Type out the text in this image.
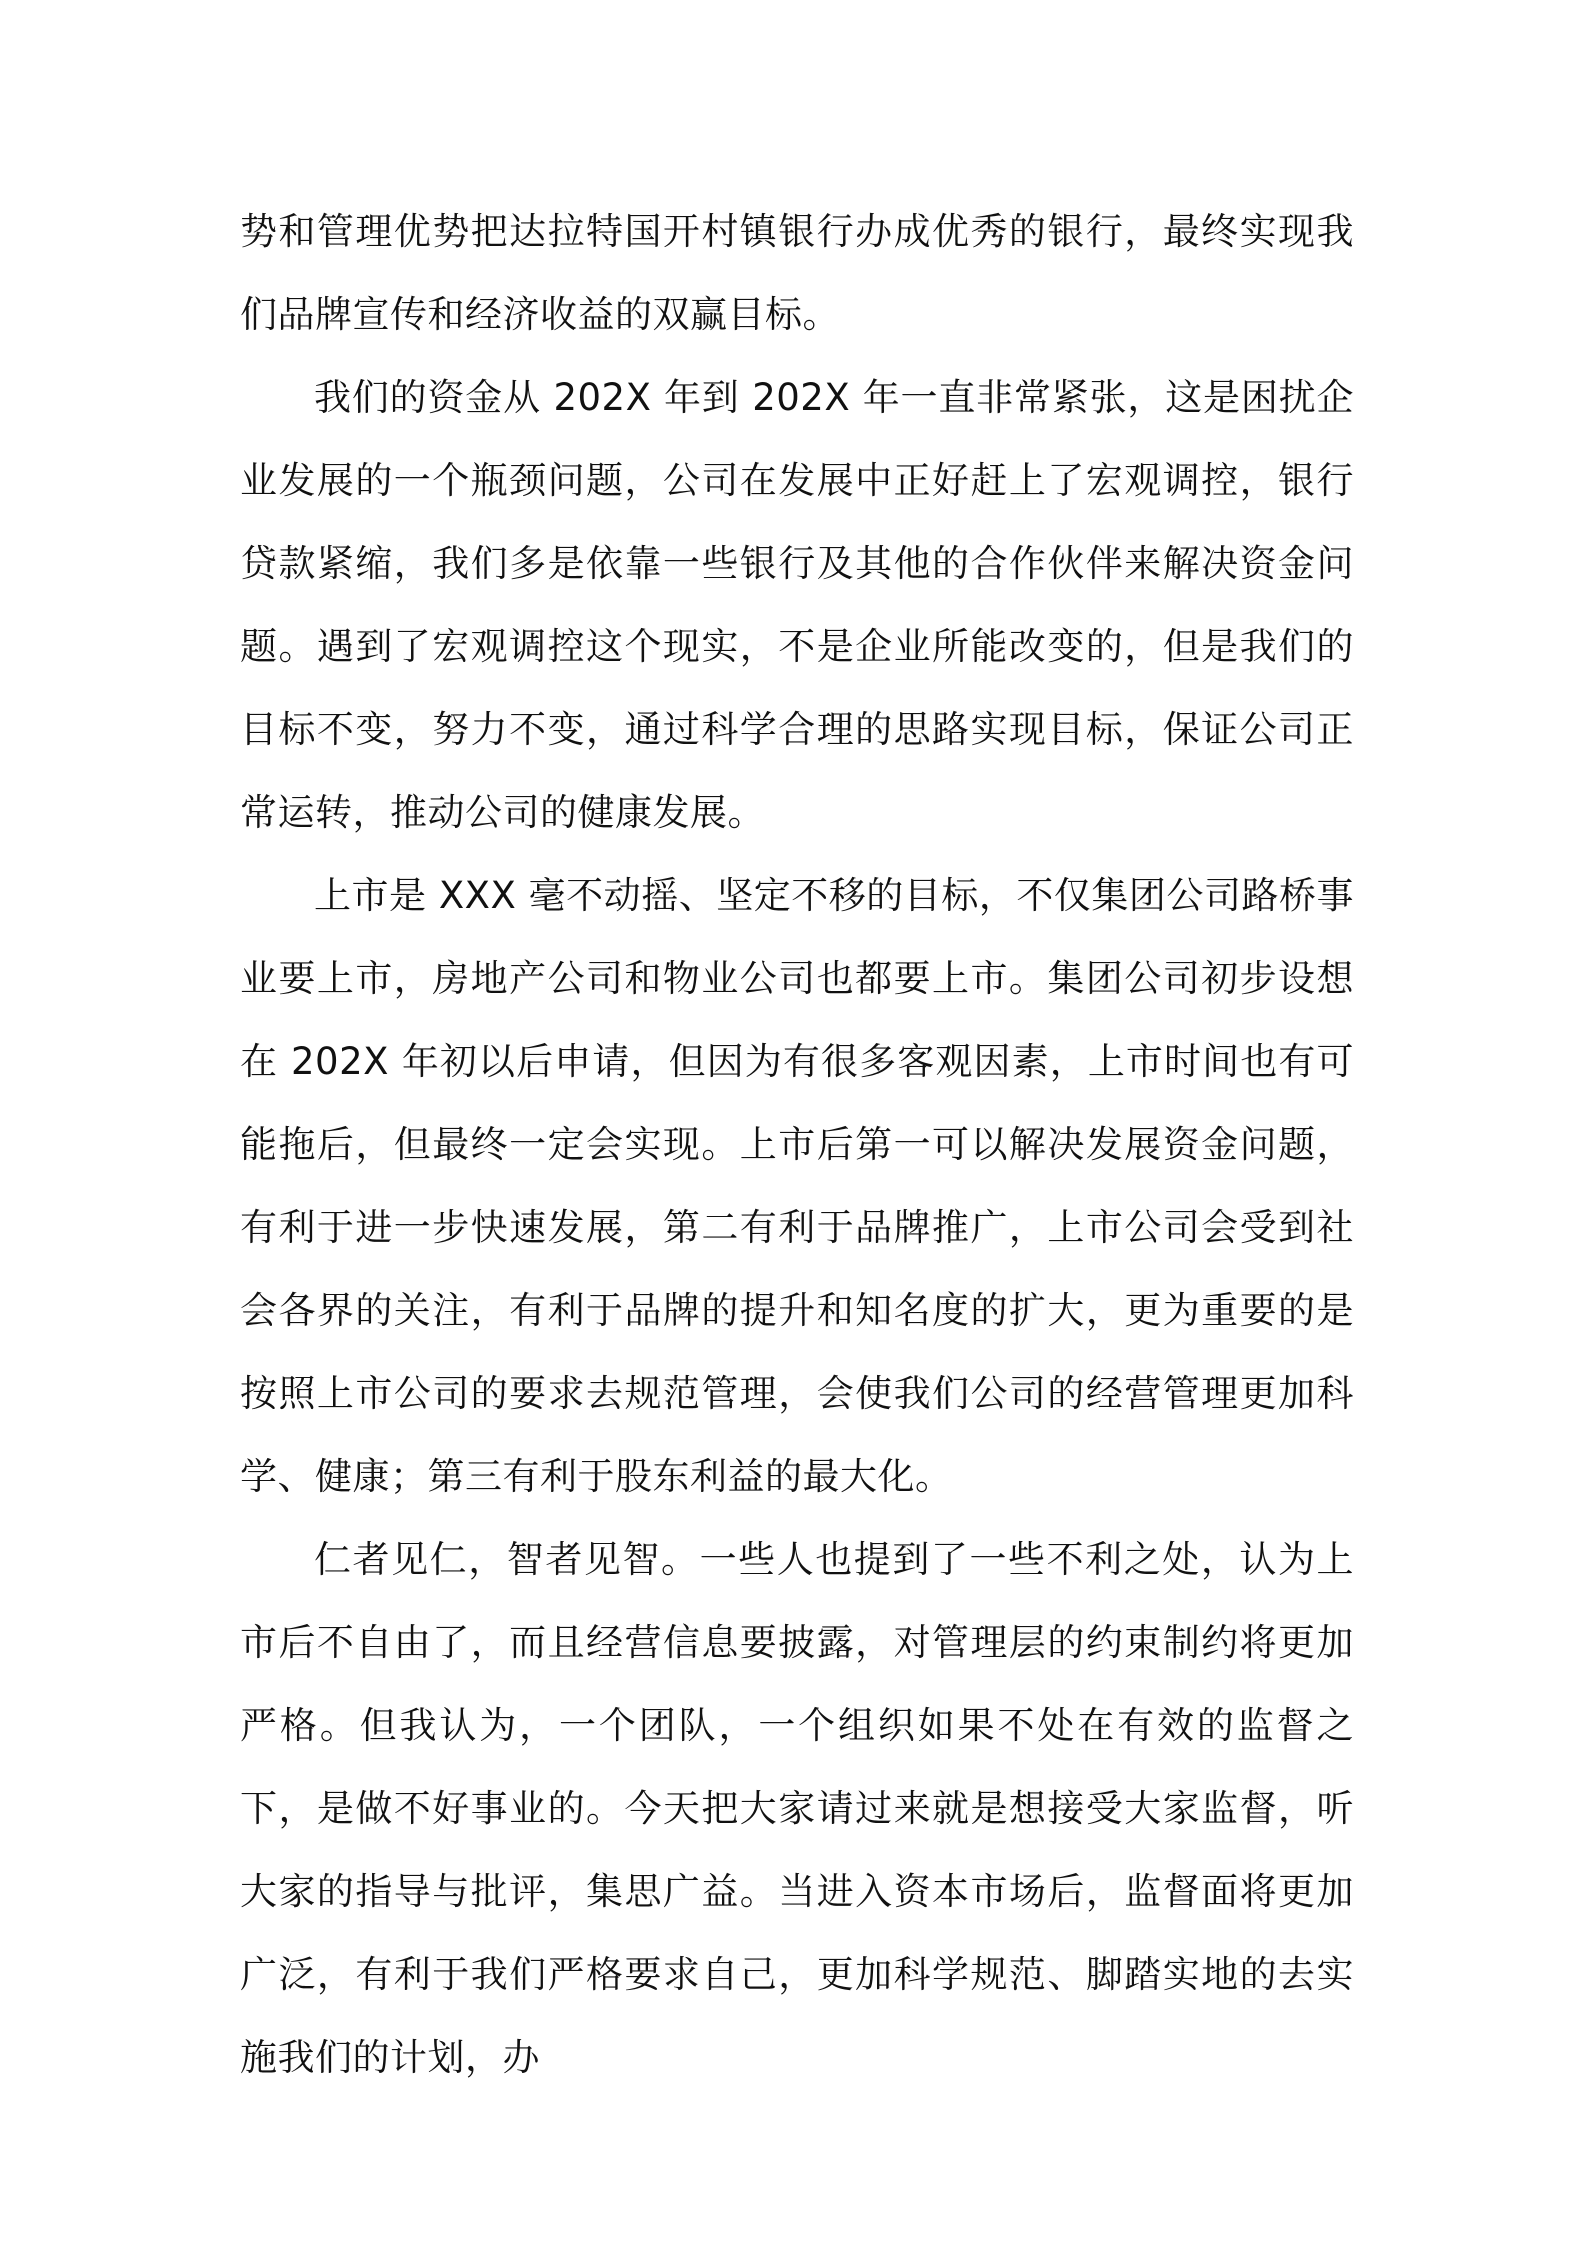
势和管理优势把达拉特国开村镇银行办成优秀的银行，最终实现我们品牌宣传和经济收益的双赢目标。

我们的资金从 202X 年到 202X 年一直非常紧张，这是困扰企业发展的一个瓶颈问题，公司在发展中正好赶上了宏观调控，银行贷款紧缩，我们多是依靠一些银行及其他的合作伙伴来解决资金问题。遇到了宏观调控这个现实，不是企业所能改变的，但是我们的目标不变，努力不变，通过科学合理的思路实现目标，保证公司正常运转，推动公司的健康发展。

上市是 XXX 毫不动摇、坚定不移的目标，不仅集团公司路桥事业要上市，房地产公司和物业公司也都要上市。集团公司初步设想在 202X 年初以后申请，但因为有很多客观因素，上市时间也有可能拖后，但最终一定会实现。上市后第一可以解决发展资金问题，有利于进一步快速发展，第二有利于品牌推广，上市公司会受到社会各界的关注，有利于品牌的提升和知名度的扩大，更为重要的是按照上市公司的要求去规范管理，会使我们公司的经营管理更加科学、健康；第三有利于股东利益的最大化。

仁者见仁，智者见智。一些人也提到了一些不利之处，认为上市后不自由了，而且经营信息要披露，对管理层的约束制约将更加严格。但我认为，一个团队，一个组织如果不处在有效的监督之下，是做不好事业的。今天把大家请过来就是想接受大家监督，听大家的指导与批评，集思广益。当进入资本市场后，监督面将更加广泛，有利于我们严格要求自己，更加科学规范、脚踏实地的去实施我们的计划，办
